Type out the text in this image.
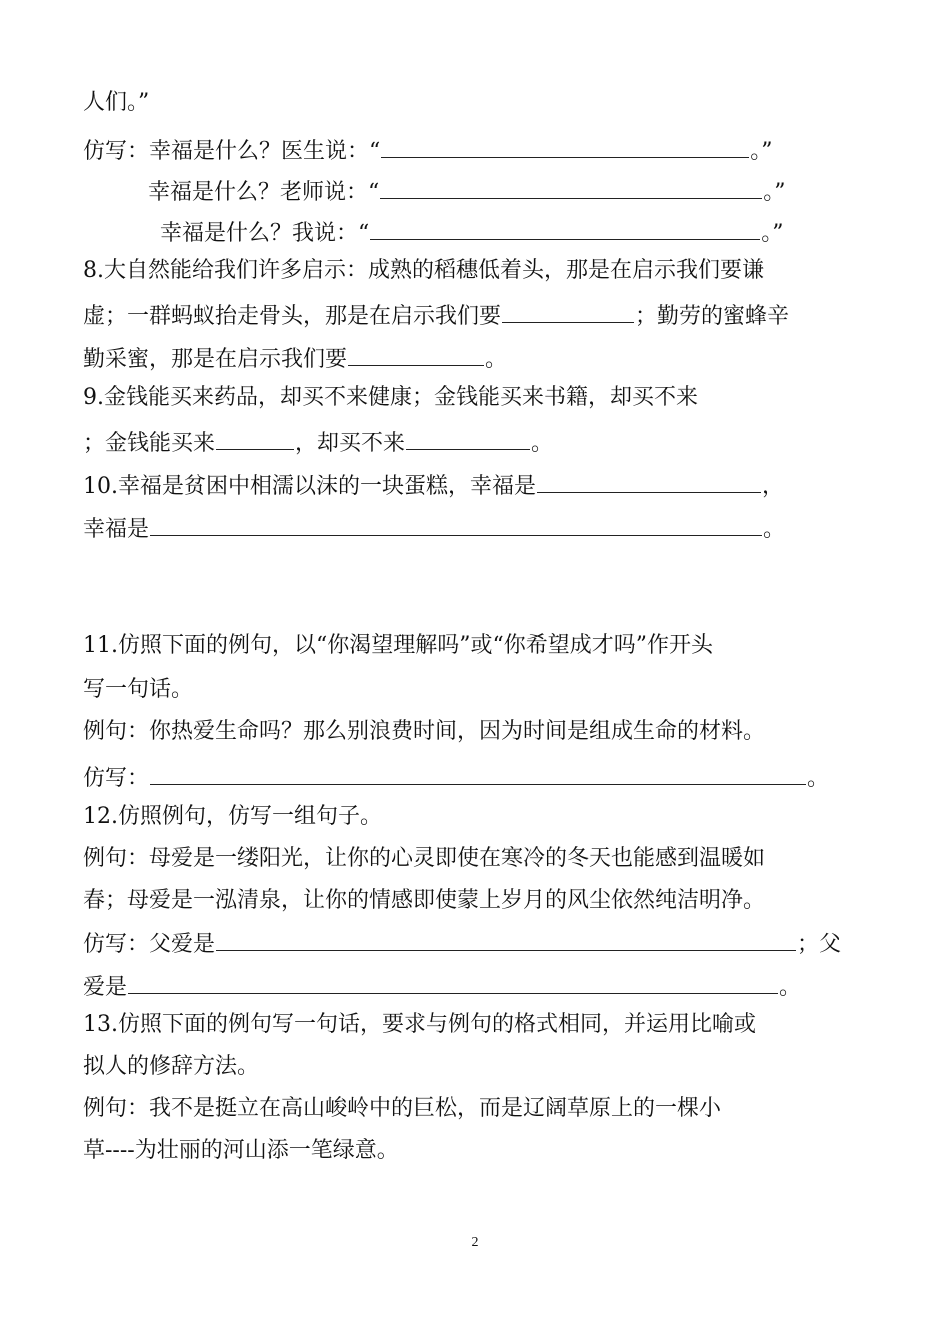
人们。”
仿写：幸福是什么？医生说：“	。”
幸福是什么？老师说：“	。”
幸福是什么？我说：“	。”
8.大自然能给我们许多启示：成熟的稻穗低着头，那是在启示我们要谦
虚；一群蚂蚁抬走骨头，那是在启示我们要	；勤劳的蜜蜂辛
勤采蜜，那是在启示我们要	。
9.金钱能买来药品，却买不来健康；金钱能买来书籍，却买不来
；金钱能买来	，却买不来	。
10.幸福是贫困中相濡以沫的一块蛋糕，幸福是	，
幸福是	。
11.仿照下面的例句，以“你渴望理解吗”或“你希望成才吗”作开头
写一句话。
例句：你热爱生命吗？那么别浪费时间，因为时间是组成生命的材料。
仿写：	。
12.仿照例句，仿写一组句子。
例句：母爱是一缕阳光，让你的心灵即使在寒冷的冬天也能感到温暖如
春；母爱是一泓清泉，让你的情感即使蒙上岁月的风尘依然纯洁明净。
仿写：父爱是	；父
爱是	。
13.仿照下面的例句写一句话，要求与例句的格式相同，并运用比喻或
拟人的修辞方法。
例句：我不是挺立在高山峻岭中的巨松，而是辽阔草原上的一棵小
草----为壮丽的河山添一笔绿意。
2
